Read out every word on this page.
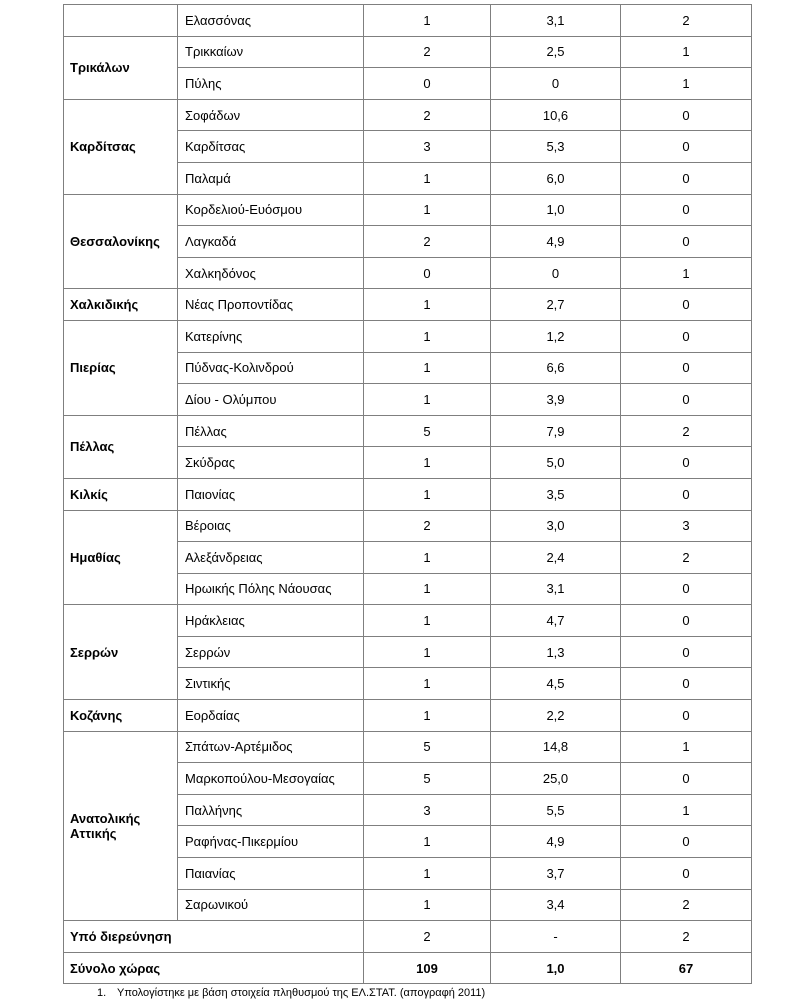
	Ελασσόνας	1	3,1	2
Τρικάλων	Τρικκαίων	2	2,5	1
	Πύλης	0	0	1
Καρδίτσας	Σοφάδων	2	10,6	0
	Καρδίτσας	3	5,3	0
	Παλαμά	1	6,0	0
Θεσσαλονίκης	Κορδελιού-Ευόσμου	1	1,0	0
	Λαγκαδά	2	4,9	0
	Χαλκηδόνος	0	0	1
Χαλκιδικής	Νέας Προποντίδας	1	2,7	0
Πιερίας	Κατερίνης	1	1,2	0
	Πύδνας-Κολινδρού	1	6,6	0
	Δίου - Ολύμπου	1	3,9	0
Πέλλας	Πέλλας	5	7,9	2
	Σκύδρας	1	5,0	0
Κιλκίς	Παιονίας	1	3,5	0
Ημαθίας	Βέροιας	2	3,0	3
	Αλεξάνδρειας	1	2,4	2
	Ηρωικής Πόλης Νάουσας	1	3,1	0
Σερρών	Ηράκλειας	1	4,7	0
	Σερρών	1	1,3	0
	Σιντικής	1	4,5	0
Κοζάνης	Εορδαίας	1	2,2	0
Ανατολικής Αττικής	Σπάτων-Αρτέμιδος	5	14,8	1
	Μαρκοπούλου-Μεσογαίας	5	25,0	0
	Παλλήνης	3	5,5	1
	Ραφήνας-Πικερμίου	1	4,9	0
	Παιανίας	1	3,7	0
	Σαρωνικού	1	3,4	2
Υπό διερεύνηση		2	-	2
Σύνολο χώρας		109	1,0	67
1. Υπολογίστηκε με βάση στοιχεία πληθυσμού της ΕΛ.ΣΤΑΤ. (απογραφή 2011)
